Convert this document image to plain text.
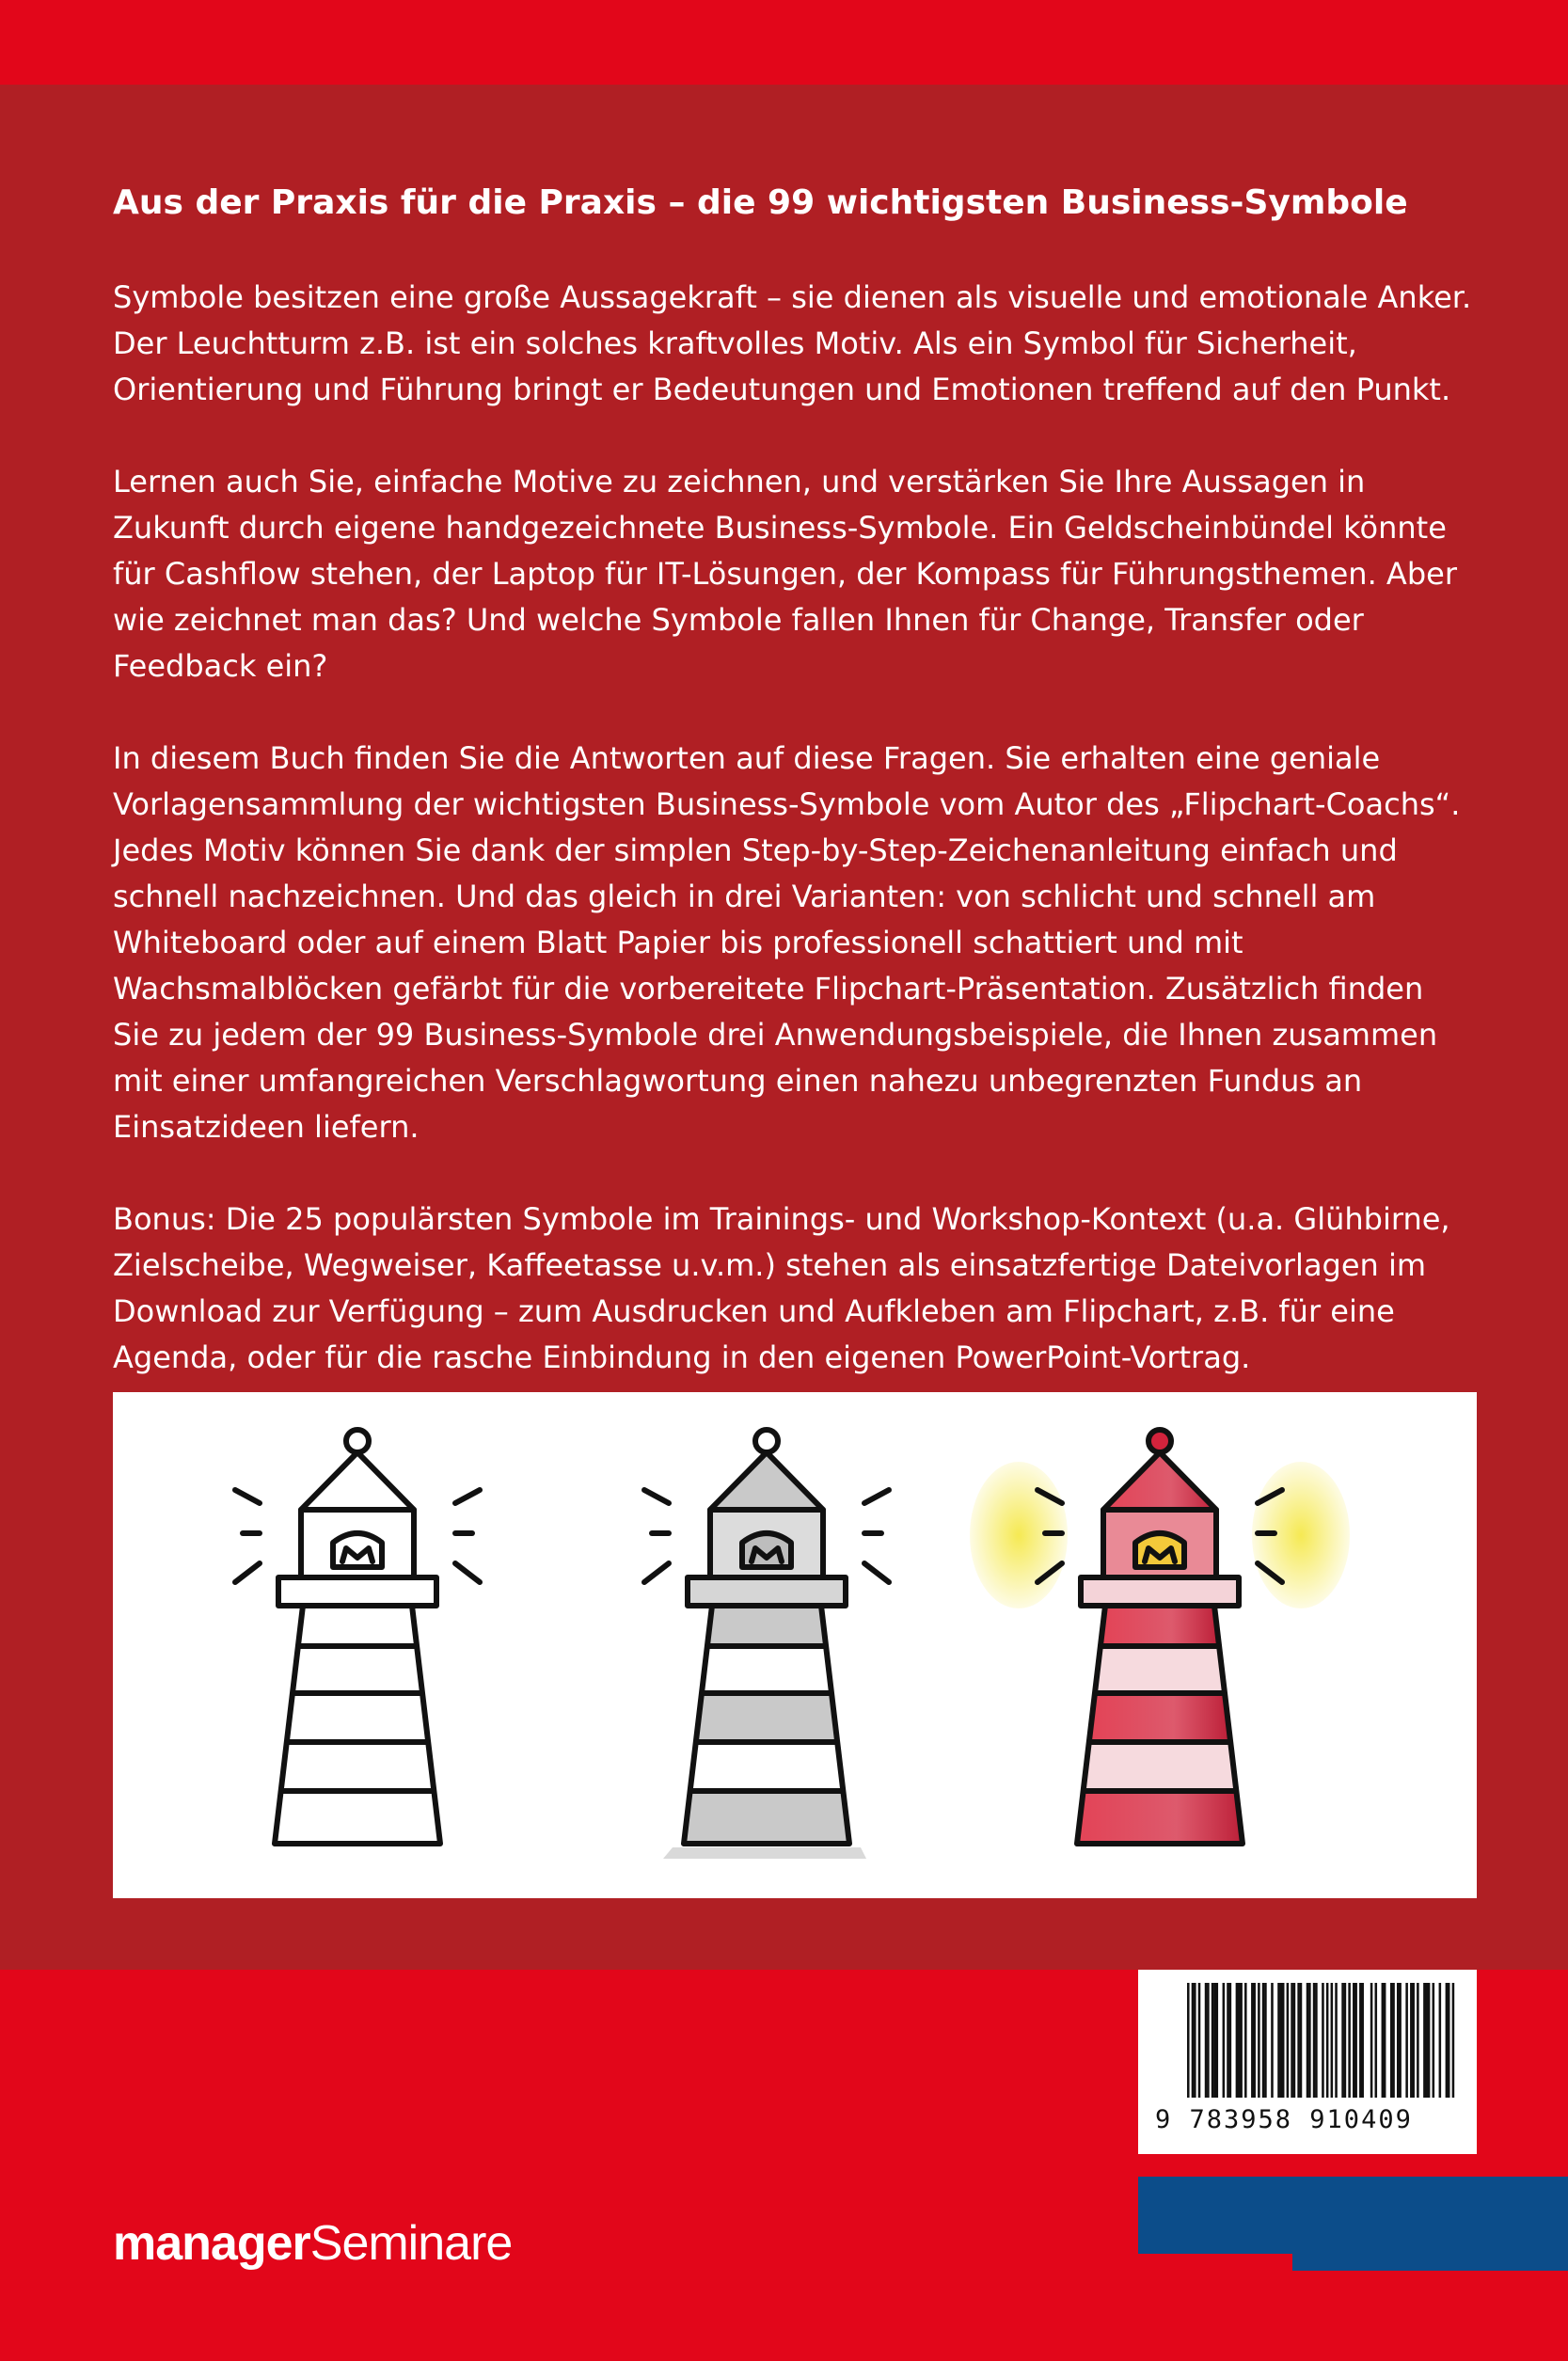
Aus der Praxis für die Praxis – die 99 wichtigsten Business-Symbole

Symbole besitzen eine große Aussagekraft – sie dienen als visuelle und emotionale Anker. Der Leuchtturm z.B. ist ein solches kraftvolles Motiv. Als ein Symbol für Sicherheit, Orientierung und Führung bringt er Bedeutungen und Emotionen treffend auf den Punkt.

Lernen auch Sie, einfache Motive zu zeichnen, und verstärken Sie Ihre Aussagen in Zukunft durch eigene handgezeichnete Business-Symbole. Ein Geldscheinbündel könnte für Cashflow stehen, der Laptop für IT-Lösungen, der Kompass für Führungsthemen. Aber wie zeichnet man das? Und welche Symbole fallen Ihnen für Change, Transfer oder Feedback ein?

In diesem Buch finden Sie die Antworten auf diese Fragen. Sie erhalten eine geniale Vorlagensammlung der wichtigsten Business-Symbole vom Autor des „Flipchart-Coachs“. Jedes Motiv können Sie dank der simplen Step-by-Step-Zeichenanleitung einfach und schnell nachzeichnen. Und das gleich in drei Varianten: von schlicht und schnell am Whiteboard oder auf einem Blatt Papier bis professionell schattiert und mit Wachsmalblöcken gefärbt für die vorbereitete Flipchart-Präsentation. Zusätzlich finden Sie zu jedem der 99 Business-Symbole drei Anwendungsbeispiele, die Ihnen zusammen mit einer umfangreichen Verschlagwortung einen nahezu unbegrenzten Fundus an Einsatzideen liefern.

Bonus: Die 25 populärsten Symbole im Trainings- und Workshop-Kontext (u.a. Glühbirne, Zielscheibe, Wegweiser, Kaffeetasse u.v.m.) stehen als einsatzfertige Dateivorlagen im Download zur Verfügung – zum Ausdrucken und Aufkleben am Flipchart, z.B. für eine Agenda, oder für die rasche Einbindung in den eigenen PowerPoint-Vortrag.

9 783958 910409
managerSeminare
